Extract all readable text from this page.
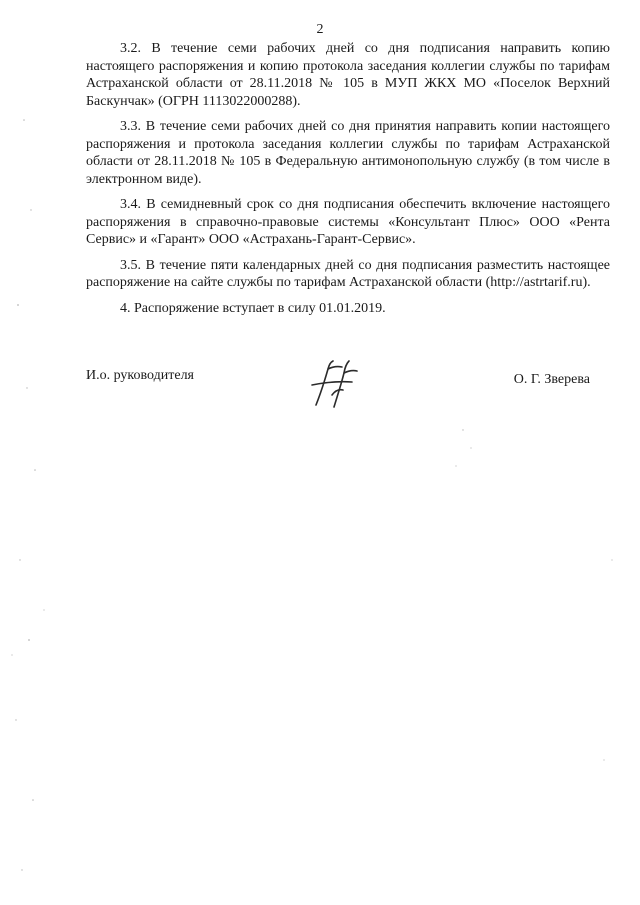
2

3.2. В течение семи рабочих дней со дня подписания направить копию настоящего распоряжения и копию протокола заседания коллегии службы по тарифам Астраханской области от 28.11.2018 № 105 в МУП ЖКХ МО «Поселок Верхний Баскунчак» (ОГРН 1113022000288).

3.3. В течение семи рабочих дней со дня принятия направить копии настоящего распоряжения и протокола заседания коллегии службы по тарифам Астраханской области от 28.11.2018 № 105 в Федеральную антимонопольную службу (в том числе в электронном виде).

3.4. В семидневный срок со дня подписания обеспечить включение настоящего распоряжения в справочно-правовые системы «Консультант Плюс» ООО «Рента Сервис» и «Гарант» ООО «Астрахань-Гарант-Сервис».

3.5. В течение пяти календарных дней со дня подписания разместить настоящее распоряжение на сайте службы по тарифам Астраханской области (http://astrtarif.ru).

4. Распоряжение вступает в силу 01.01.2019.

И.о. руководителя	О. Г. Зверева
